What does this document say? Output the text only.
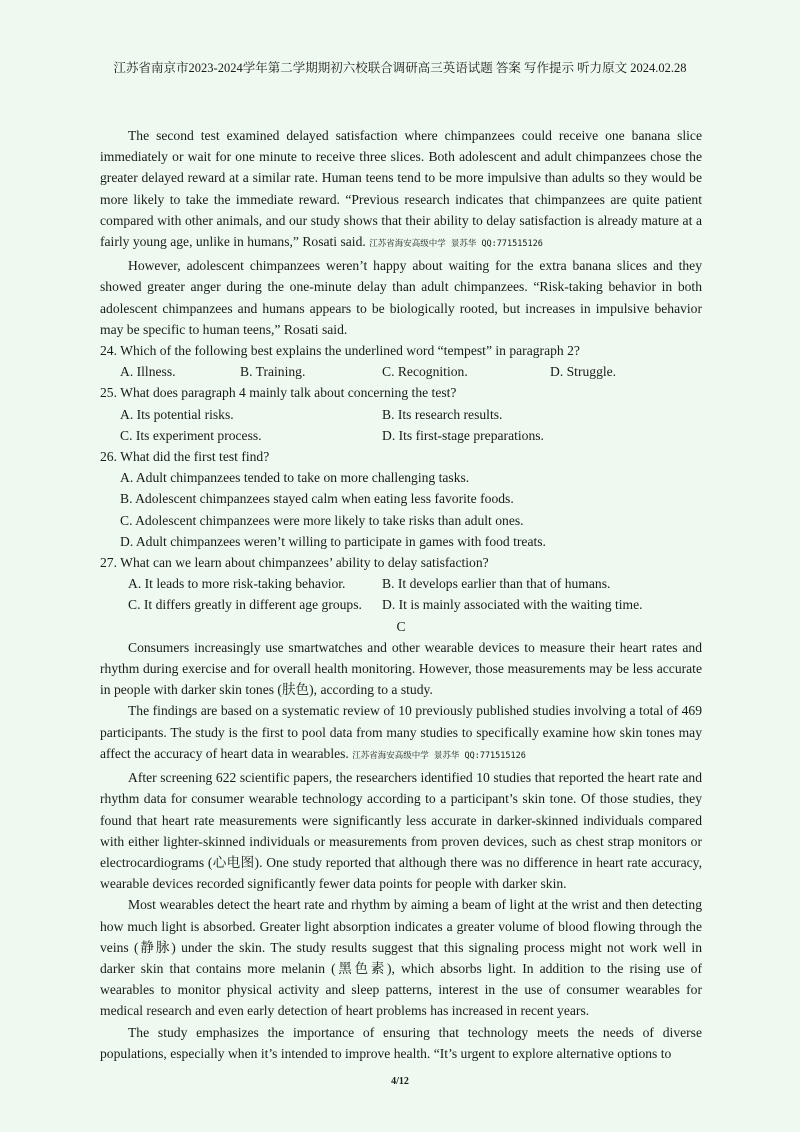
江苏省南京市2023-2024学年第二学期期初六校联合调研高三英语试题 答案 写作提示 听力原文 2024.02.28

The second test examined delayed satisfaction where chimpanzees could receive one banana slice immediately or wait for one minute to receive three slices. Both adolescent and adult chimpanzees chose the greater delayed reward at a similar rate. Human teens tend to be more impulsive than adults so they would be more likely to take the immediate reward. “Previous research indicates that chimpanzees are quite patient compared with other animals, and our study shows that their ability to delay satisfaction is already mature at a fairly young age, unlike in humans,” Rosati said. 江苏省海安高级中学 景苏华 QQ:771515126

However, adolescent chimpanzees weren’t happy about waiting for the extra banana slices and they showed greater anger during the one-minute delay than adult chimpanzees. “Risk-taking behavior in both adolescent chimpanzees and humans appears to be biologically rooted, but increases in impulsive behavior may be specific to human teens,” Rosati said.

24. Which of the following best explains the underlined word “tempest” in paragraph 2?

A. Illness.	B. Training.	C. Recognition.	D. Struggle.

25. What does paragraph 4 mainly talk about concerning the test?

A. Its potential risks.	B. Its research results.
C. Its experiment process.	D. Its first-stage preparations.

26. What did the first test find?

A. Adult chimpanzees tended to take on more challenging tasks.
B. Adolescent chimpanzees stayed calm when eating less favorite foods.
C. Adolescent chimpanzees were more likely to take risks than adult ones.
D. Adult chimpanzees weren’t willing to participate in games with food treats.

27. What can we learn about chimpanzees’ ability to delay satisfaction?

A. It leads to more risk-taking behavior.	B. It develops earlier than that of humans.
C. It differs greatly in different age groups.	D. It is mainly associated with the waiting time.
C

Consumers increasingly use smartwatches and other wearable devices to measure their heart rates and rhythm during exercise and for overall health monitoring. However, those measurements may be less accurate in people with darker skin tones (肤色), according to a study.

The findings are based on a systematic review of 10 previously published studies involving a total of 469 participants. The study is the first to pool data from many studies to specifically examine how skin tones may affect the accuracy of heart data in wearables. 江苏省海安高级中学 景苏华 QQ:771515126

After screening 622 scientific papers, the researchers identified 10 studies that reported the heart rate and rhythm data for consumer wearable technology according to a participant’s skin tone. Of those studies, they found that heart rate measurements were significantly less accurate in darker-skinned individuals compared with either lighter-skinned individuals or measurements from proven devices, such as chest strap monitors or electrocardiograms (心电图). One study reported that although there was no difference in heart rate accuracy, wearable devices recorded significantly fewer data points for people with darker skin.

Most wearables detect the heart rate and rhythm by aiming a beam of light at the wrist and then detecting how much light is absorbed. Greater light absorption indicates a greater volume of blood flowing through the veins (静脉) under the skin. The study results suggest that this signaling process might not work well in darker skin that contains more melanin (黑色素), which absorbs light. In addition to the rising use of wearables to monitor physical activity and sleep patterns, interest in the use of consumer wearables for medical research and even early detection of heart problems has increased in recent years.

The study emphasizes the importance of ensuring that technology meets the needs of diverse populations, especially when it’s intended to improve health. “It’s urgent to explore alternative options to

4/12
